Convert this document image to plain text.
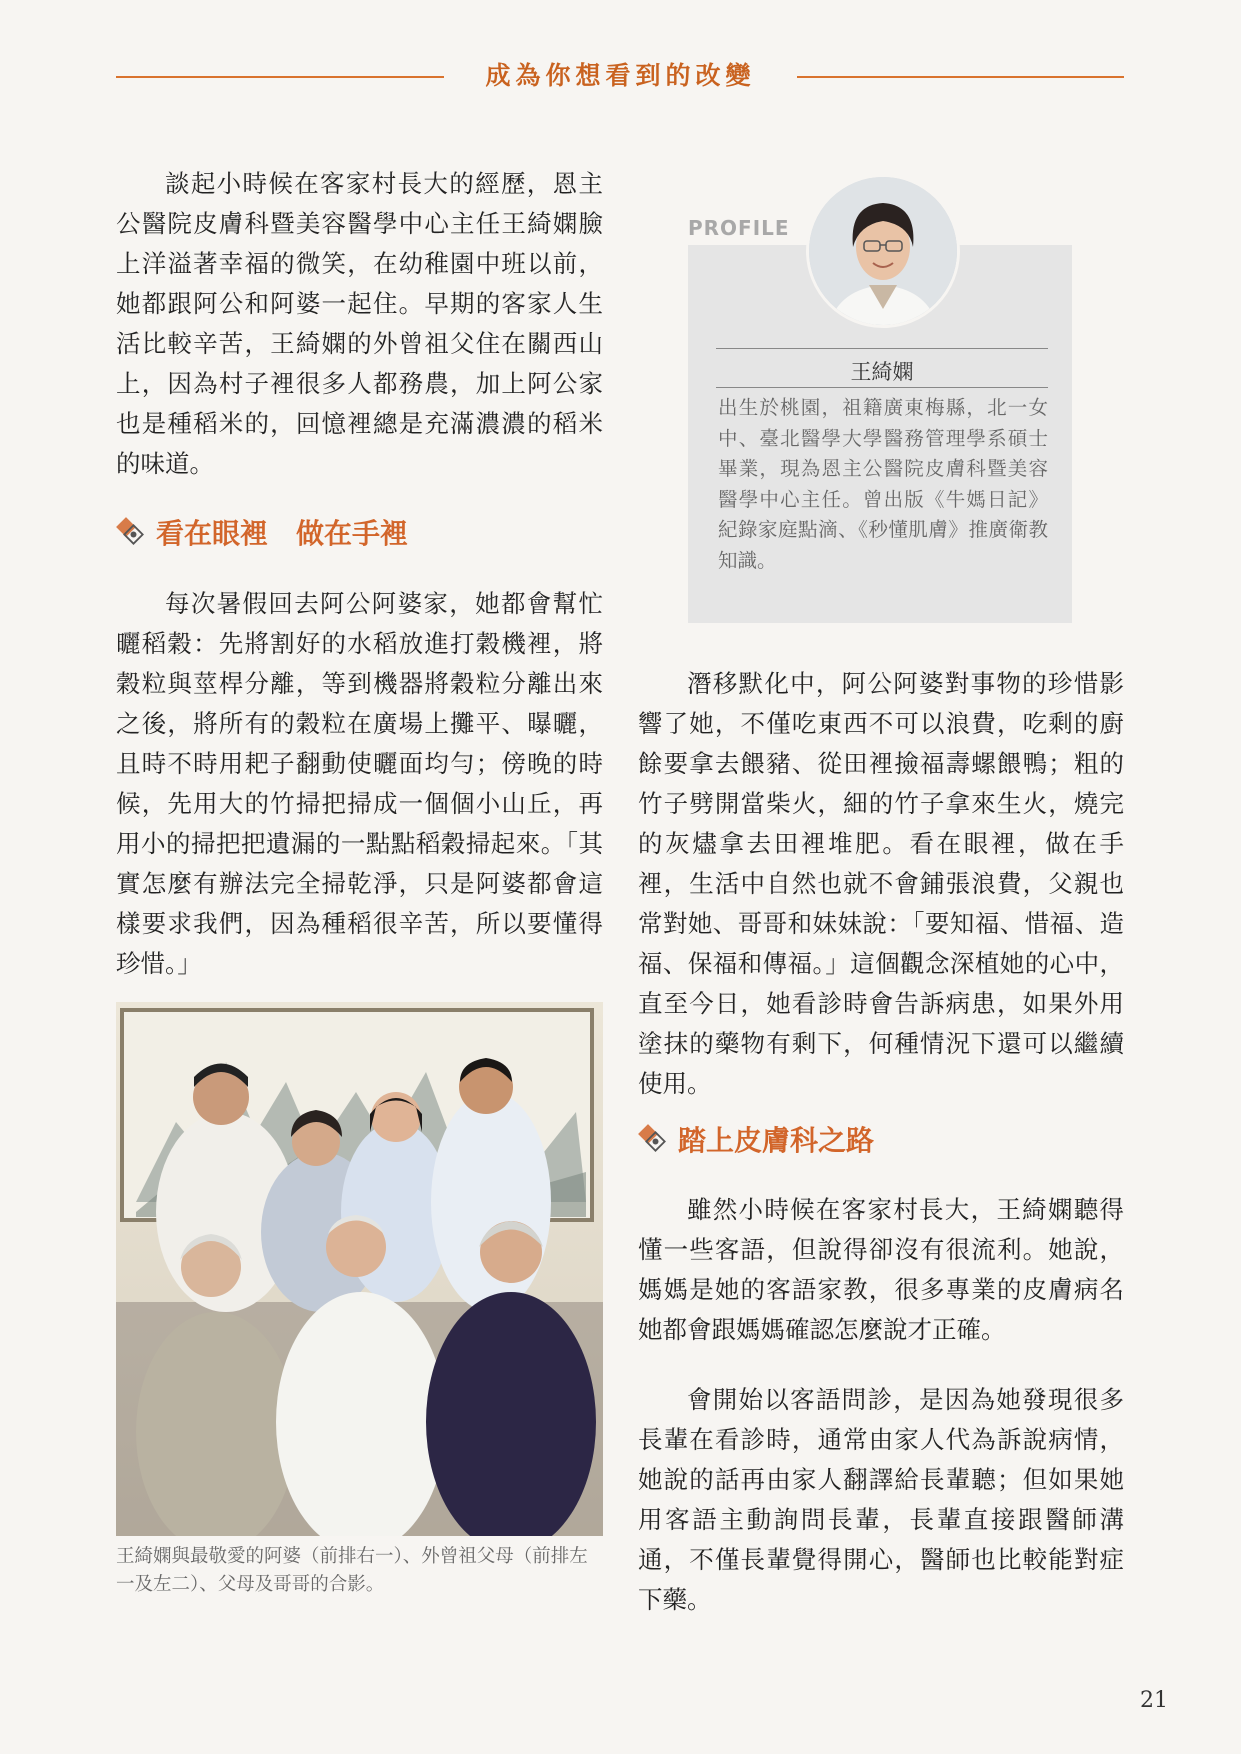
成為你想看到的改變

談起小時候在客家村長大的經歷，恩主公醫院皮膚科暨美容醫學中心主任王綺嫻臉上洋溢著幸福的微笑，在幼稚園中班以前，她都跟阿公和阿婆一起住。早期的客家人生活比較辛苦，王綺嫻的外曾祖父住在關西山上，因為村子裡很多人都務農，加上阿公家也是種稻米的，回憶裡總是充滿濃濃的稻米的味道。

看在眼裡　做在手裡

每次暑假回去阿公阿婆家，她都會幫忙曬稻穀：先將割好的水稻放進打穀機裡，將穀粒與莖桿分離，等到機器將穀粒分離出來之後，將所有的穀粒在廣場上攤平、曝曬，且時不時用耙子翻動使曬面均勻；傍晚的時候，先用大的竹掃把掃成一個個小山丘，再用小的掃把把遺漏的一點點稻穀掃起來。「其實怎麼有辦法完全掃乾淨，只是阿婆都會這樣要求我們，因為種稻很辛苦，所以要懂得珍惜。」

王綺嫻與最敬愛的阿婆（前排右一）、外曾祖父母（前排左一及左二）、父母及哥哥的合影。

PROFILE
王綺嫻

出生於桃園，祖籍廣東梅縣，北一女中、臺北醫學大學醫務管理學系碩士畢業，現為恩主公醫院皮膚科暨美容醫學中心主任。曾出版《牛媽日記》紀錄家庭點滴、《秒懂肌膚》推廣衛教知識。

潛移默化中，阿公阿婆對事物的珍惜影響了她，不僅吃東西不可以浪費，吃剩的廚餘要拿去餵豬、從田裡撿福壽螺餵鴨；粗的竹子劈開當柴火，細的竹子拿來生火，燒完的灰燼拿去田裡堆肥。看在眼裡，做在手裡，生活中自然也就不會鋪張浪費，父親也常對她、哥哥和妹妹說：「要知福、惜福、造福、保福和傳福。」這個觀念深植她的心中，直至今日，她看診時會告訴病患，如果外用塗抹的藥物有剩下，何種情況下還可以繼續使用。

踏上皮膚科之路

雖然小時候在客家村長大，王綺嫻聽得懂一些客語，但說得卻沒有很流利。她說，媽媽是她的客語家教，很多專業的皮膚病名她都會跟媽媽確認怎麼說才正確。

會開始以客語問診，是因為她發現很多長輩在看診時，通常由家人代為訴說病情，她說的話再由家人翻譯給長輩聽；但如果她用客語主動詢問長輩，長輩直接跟醫師溝通，不僅長輩覺得開心，醫師也比較能對症下藥。

21
